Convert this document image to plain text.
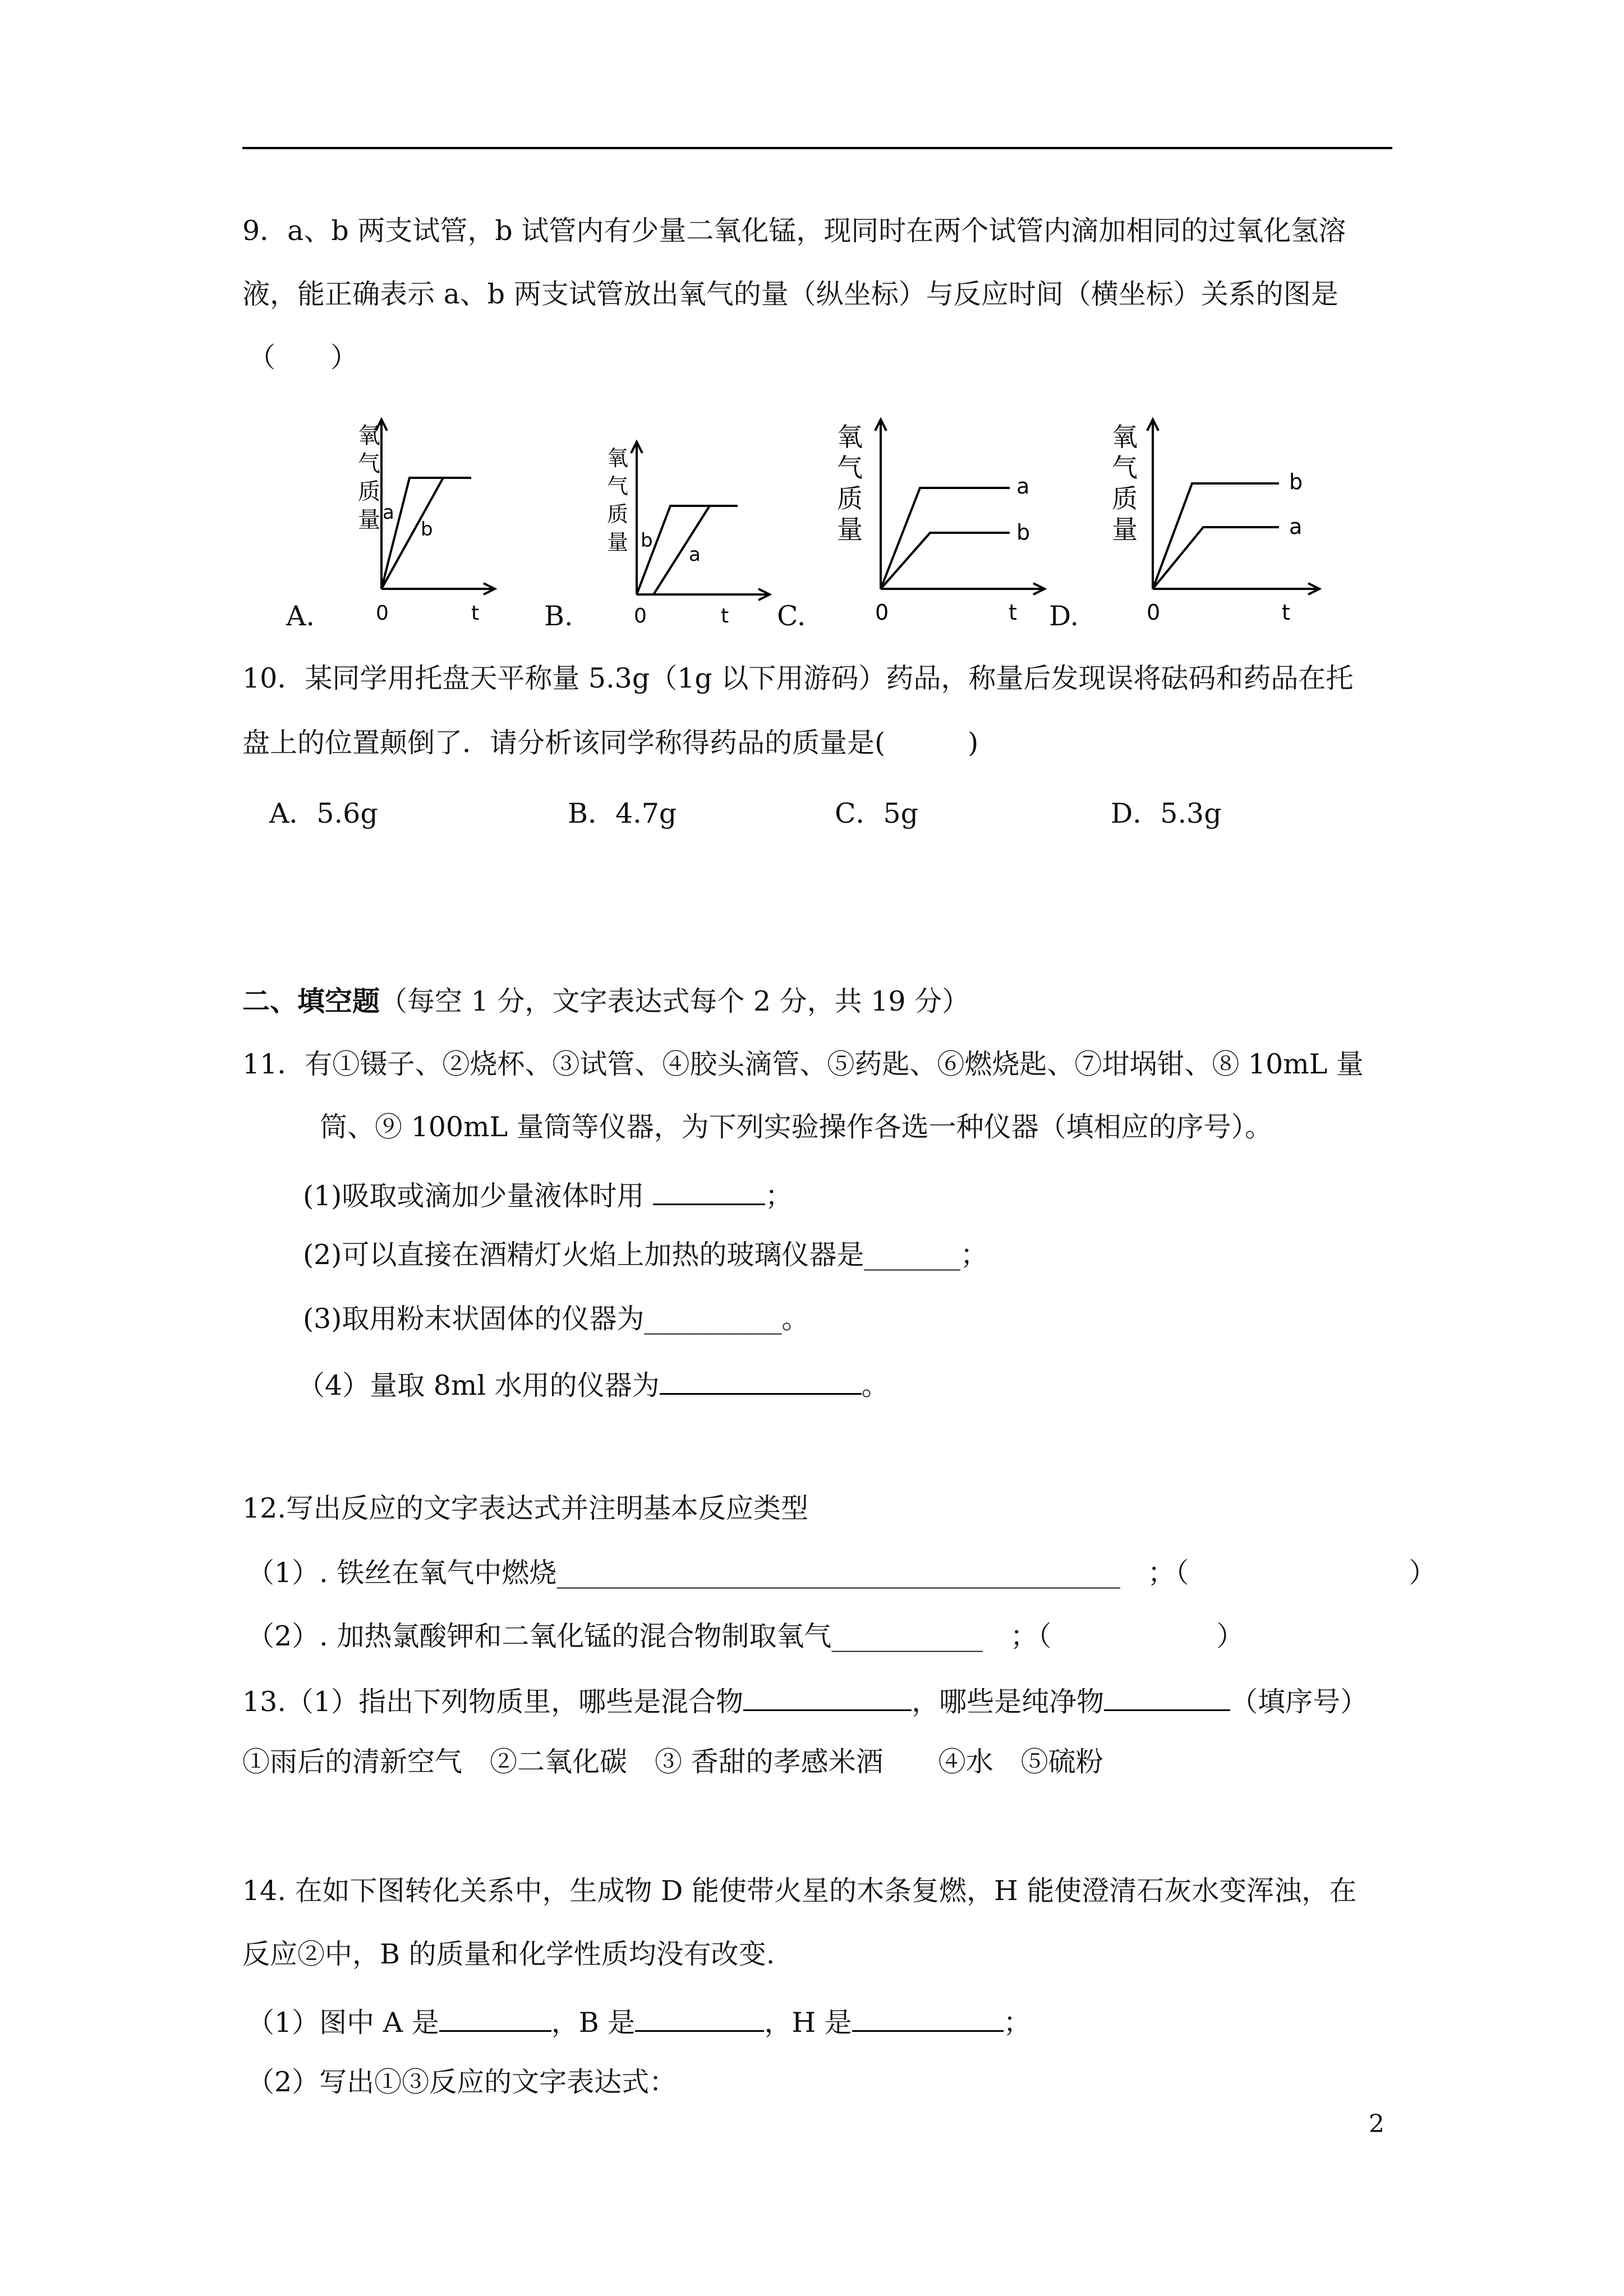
9．a、b 两支试管，b 试管内有少量二氧化锰，现同时在两个试管内滴加相同的过氧化氢溶
液，能正确表示 a、b 两支试管放出氧气的量（纵坐标）与反应时间（横坐标）关系的图是
（　　）
A.
氧
气
质
量 a
b
0	t B.
氧
气
质
量 b
a
0	t C.
氧
气
质
量
a
b
0	t D.
氧
气
质
量
b
a
0	t
10．某同学用托盘天平称量 5.3g（1g 以下用游码）药品，称量后发现误将砝码和药品在托
盘上的位置颠倒了．请分析该同学称得药品的质量是(　　　)
A．5.6g	B．4.7g	C．5g	D．5.3g
二、填空题（每空 1 分，文字表达式每个 2 分，共 19 分）
11．有①镊子、②烧杯、③试管、④胶头滴管、⑤药匙、⑥燃烧匙、⑦坩埚钳、⑧ 10mL 量
筒、⑨ 100mL 量筒等仪器，为下列实验操作各选一种仪器（填相应的序号）。
(1)吸取或滴加少量液体时用	；
(2)可以直接在酒精灯火焰上加热的玻璃仪器是_______；
(3)取用粉末状固体的仪器为__________。
（4）量取 8ml 水用的仪器为	。
12.写出反应的文字表达式并注明基本反应类型
（1）. 铁丝在氧气中燃烧_________________________________________　；（　　　　　　　　）
（2）. 加热氯酸钾和二氧化锰的混合物制取氧气___________　；（　　　　　　）
13.（1）指出下列物质里，哪些是混合物	，哪些是纯净物	（填序号）
①雨后的清新空气　②二氧化碳　③ 香甜的孝感米酒　　④水　⑤硫粉
14. 在如下图转化关系中，生成物 D 能使带火星的木条复燃，H 能使澄清石灰水变浑浊，在
反应②中，B 的质量和化学性质均没有改变.
（1）图中 A 是	，B 是	，H 是	；
（2）写出①③反应的文字表达式：
2
